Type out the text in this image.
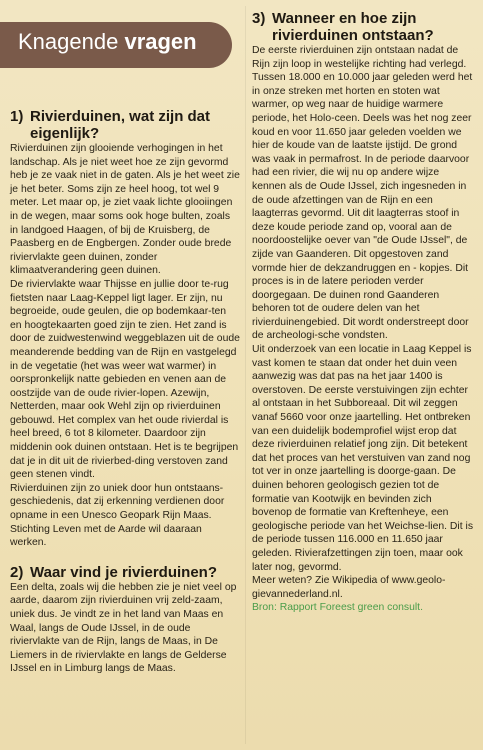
Knagende vragen
1) Rivierduinen, wat zijn dat eigenlijk?

Rivierduinen zijn glooiende verhogingen in het landschap. Als je niet weet hoe ze zijn gevormd heb je ze vaak niet in de gaten. Als je het weet zie je het beter. Soms zijn ze heel hoog, tot wel 9 meter. Let maar op, je ziet vaak lichte glooiingen in de wegen, maar soms ook hoge bulten, zoals in landgoed Haagen, of bij de Kruisberg, de Paasberg en de Engbergen. Zonder oude brede riviervlakte geen duinen, zonder klimaatverandering geen duinen.

De riviervlakte waar Thijsse en jullie door te-rug fietsten naar Laag-Keppel ligt lager. Er zijn, nu begroeide, oude geulen, die op bodemkaar-ten en hoogtekaarten goed zijn te zien. Het zand is door de zuidwestenwind weggeblazen uit de oude meanderende bedding van de Rijn en vastgelegd in de vegetatie (het was weer wat warmer) in oorspronkelijk natte gebieden en venen aan de oostzijde van de oude rivier-lopen. Azewijn, Netterden, maar ook Wehl zijn op rivierduinen gebouwd. Het complex van het oude rivierdal is heel breed, 6 tot 8 kilometer. Daardoor zijn middenin ook duinen ontstaan. Het is te begrijpen dat je in dit uit de rivierbed-ding verstoven zand geen stenen vindt.

Rivierduinen zijn zo uniek door hun ontstaans-geschiedenis, dat zij erkenning verdienen door opname in een Unesco Geopark Rijn Maas. Stichting Leven met de Aarde wil daaraan werken.

2) Waar vind je rivierduinen?

Een delta, zoals wij die hebben zie je niet veel op aarde, daarom zijn rivierduinen vrij zeld-zaam, uniek dus. Je vindt ze in het land van Maas en Waal, langs de Oude IJssel, in de oude riviervlakte van de Rijn, langs de Maas, in De Liemers in de riviervlakte en langs de Gelderse IJssel en in Limburg langs de Maas.

3) Wanneer en hoe zijn rivierduinen ontstaan?

De eerste rivierduinen zijn ontstaan nadat de Rijn zijn loop in westelijke richting had verlegd. Tussen 18.000 en 10.000 jaar geleden werd het in onze streken met horten en stoten wat warmer, op weg naar de huidige warmere periode, het Holo-ceen. Deels was het nog zeer koud en voor 11.650 jaar geleden voelden we hier de koude van de laatste ijstijd. De grond was vaak in permafrost. In de periode daarvoor had een rivier, die wij nu op andere wijze kennen als de Oude IJssel, zich ingesneden in de oude afzettingen van de Rijn en een laagterras gevormd. Uit dit laagterras stoof in deze koude periode zand op, vooral aan de noordoostelijke oever van "de Oude IJssel", de zijde van Gaanderen. Dit opgestoven zand vormde hier de dekzandruggen en - kopjes. Dit proces is in de latere perioden verder doorgegaan. De duinen rond Gaanderen behoren tot de oudere delen van het rivierduinengebied. Dit wordt onderstreept door de archeologi-sche vondsten.

Uit onderzoek van een locatie in Laag Keppel is vast komen te staan dat onder het duin veen aanwezig was dat pas na het jaar 1400 is overstoven. De eerste verstuivingen zijn echter al ontstaan in het Subboreaal. Dit wil zeggen vanaf 5660 voor onze jaartelling. Het ontbreken van een duidelijk bodemprofiel wijst erop dat deze rivierduinen relatief jong zijn. Dit betekent dat het proces van het verstuiven van zand nog tot ver in onze jaartelling is doorge-gaan. De duinen behoren geologisch gezien tot de formatie van Kootwijk en bevinden zich bovenop de formatie van Kreftenheye, een geologische periode van het Weichse-lien. Dit is de periode tussen 116.000 en 11.650 jaar geleden. Rivierafzettingen zijn toen, maar ook later nog, gevormd.

Meer weten? Zie Wikipedia of www.geolo-gievannederland.nl.

Bron: Rapport Foreest green consult.
